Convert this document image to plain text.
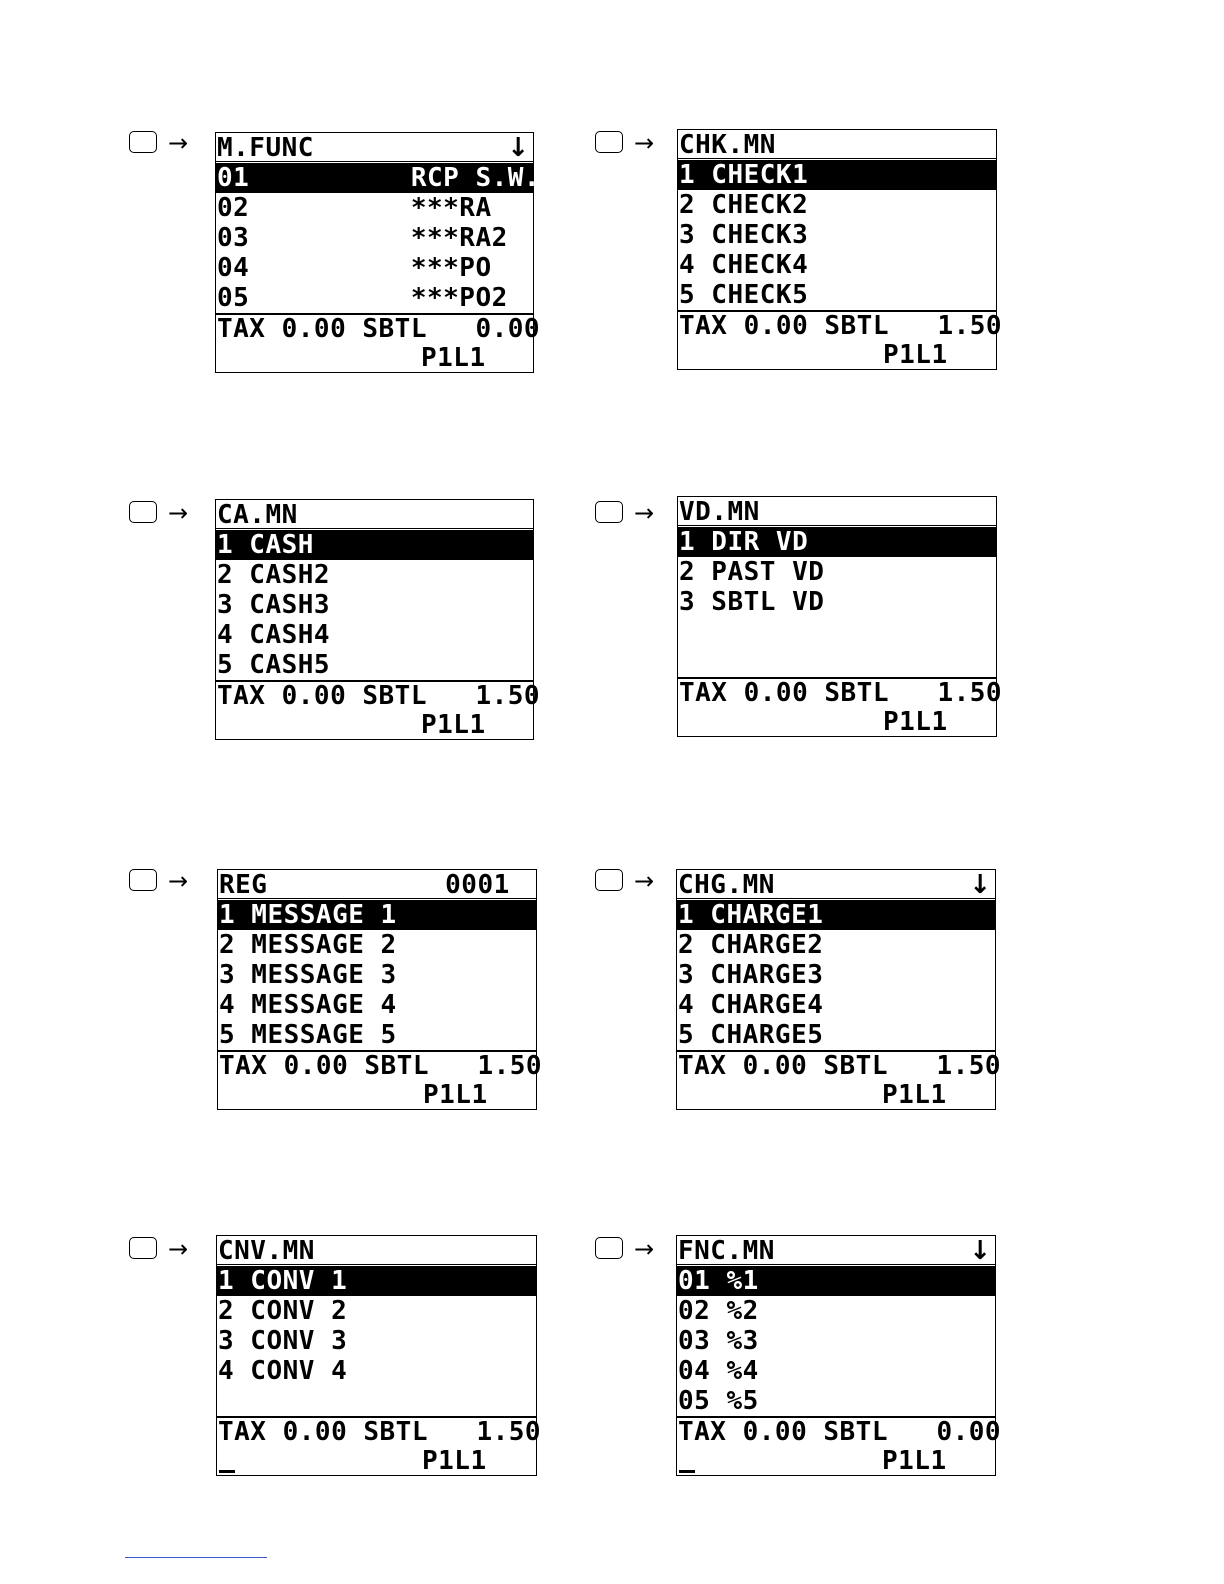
→ M.FUNC	↓
01          RCP S.W.
02          ***RA
03          ***RA2
04          ***PO
05          ***PO2
TAX 0.00 SBTL   0.00
P1L1
→ CHK.MN
1 CHECK1
2 CHECK2
3 CHECK3
4 CHECK4
5 CHECK5
TAX 0.00 SBTL   1.50
P1L1
→ CA.MN
1 CASH
2 CASH2
3 CASH3
4 CASH4
5 CASH5
TAX 0.00 SBTL   1.50
P1L1
→ VD.MN
1 DIR VD
2 PAST VD
3 SBTL VD
TAX 0.00 SBTL   1.50
P1L1
→ REG           0001
1 MESSAGE 1
2 MESSAGE 2
3 MESSAGE 3
4 MESSAGE 4
5 MESSAGE 5
TAX 0.00 SBTL   1.50
P1L1
→ CHG.MN	↓
1 CHARGE1
2 CHARGE2
3 CHARGE3
4 CHARGE4
5 CHARGE5
TAX 0.00 SBTL   1.50
P1L1
→ CNV.MN
1 CONV 1
2 CONV 2
3 CONV 3
4 CONV 4
TAX 0.00 SBTL   1.50
P1L1
→ FNC.MN	↓
01 %1
02 %2
03 %3
04 %4
05 %5
TAX 0.00 SBTL   0.00
P1L1
